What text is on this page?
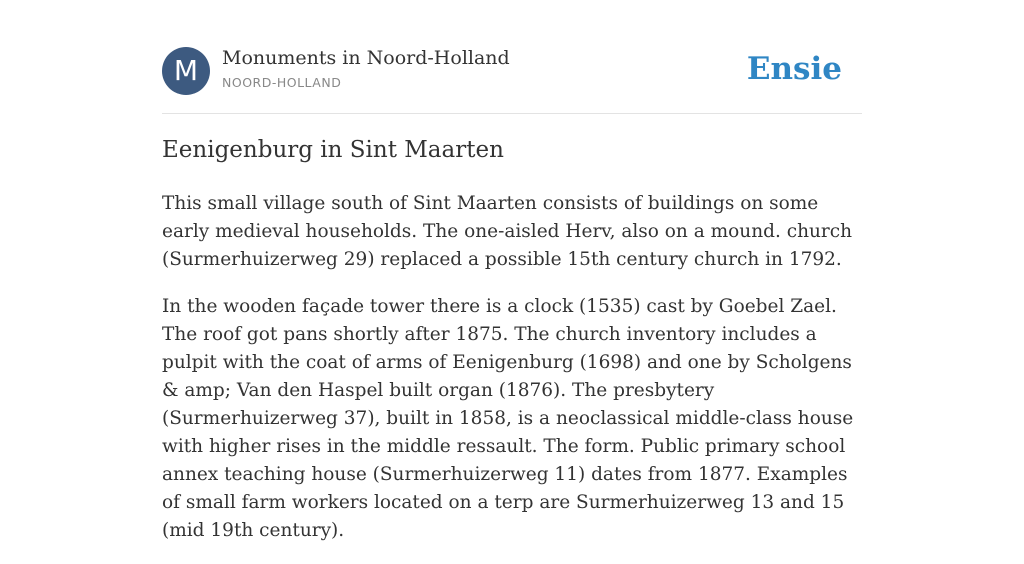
M	Monuments in Noord-Holland
NOORD-HOLLAND	Ensie
Eenigenburg in Sint Maarten

This small village south of Sint Maarten consists of buildings on some early medieval households. The one-aisled Herv, also on a mound. church (Surmerhuizerweg 29) replaced a possible 15th century church in 1792.

In the wooden façade tower there is a clock (1535) cast by Goebel Zael. The roof got pans shortly after 1875. The church inventory includes a pulpit with the coat of arms of Eenigenburg (1698) and one by Scholgens & amp; Van den Haspel built organ (1876). The presbytery (Surmerhuizerweg 37), built in 1858, is a neoclassical middle-class house with higher rises in the middle ressault. The form. Public primary school annex teaching house (Surmerhuizerweg 11) dates from 1877. Examples of small farm workers located on a terp are Surmerhuizerweg 13 and 15 (mid 19th century).
